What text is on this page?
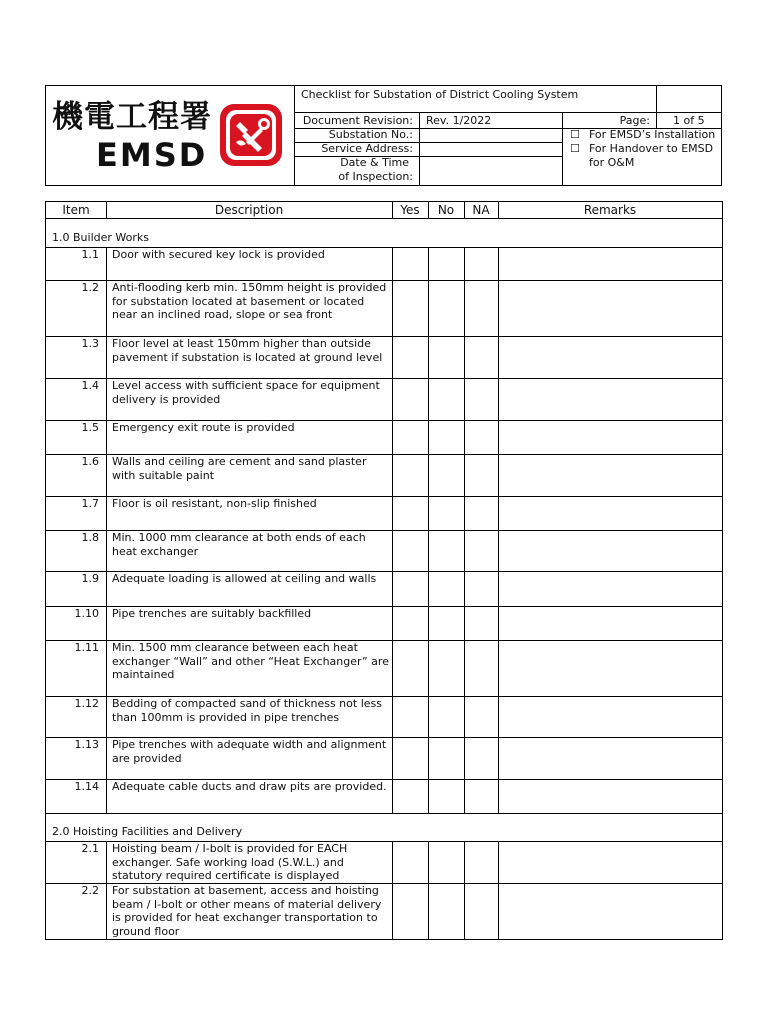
機電工程署
EMSD
Checklist for Substation of District Cooling System
Document Revision: Rev. 1/2022	Page: 1 of 5
Substation No.:
Service Address:
Date & Time
of Inspection:
☐ For EMSD’s Installation
☐ For Handover to EMSD
for O&M
Item	Description	Yes	No	NA	Remarks
1.0 Builder Works
1.1 Door with secured key lock is provided
1.2 Anti-flooding kerb min. 150mm height is provided for substation located at basement or located near an inclined road, slope or sea front
1.3 Floor level at least 150mm higher than outside pavement if substation is located at ground level
1.4 Level access with sufficient space for equipment delivery is provided
1.5 Emergency exit route is provided
1.6 Walls and ceiling are cement and sand plaster with suitable paint
1.7 Floor is oil resistant, non-slip finished
1.8 Min. 1000 mm clearance at both ends of each heat exchanger
1.9 Adequate loading is allowed at ceiling and walls
1.10 Pipe trenches are suitably backfilled
1.11 Min. 1500 mm clearance between each heat exchanger “Wall” and other “Heat Exchanger” are maintained
1.12 Bedding of compacted sand of thickness not less than 100mm is provided in pipe trenches
1.13 Pipe trenches with adequate width and alignment are provided
1.14 Adequate cable ducts and draw pits are provided.
2.0 Hoisting Facilities and Delivery
2.1 Hoisting beam / I-bolt is provided for EACH exchanger. Safe working load (S.W.L.) and statutory required certificate is displayed
2.2 For substation at basement, access and hoisting beam / I-bolt or other means of material delivery is provided for heat exchanger transportation to ground floor
